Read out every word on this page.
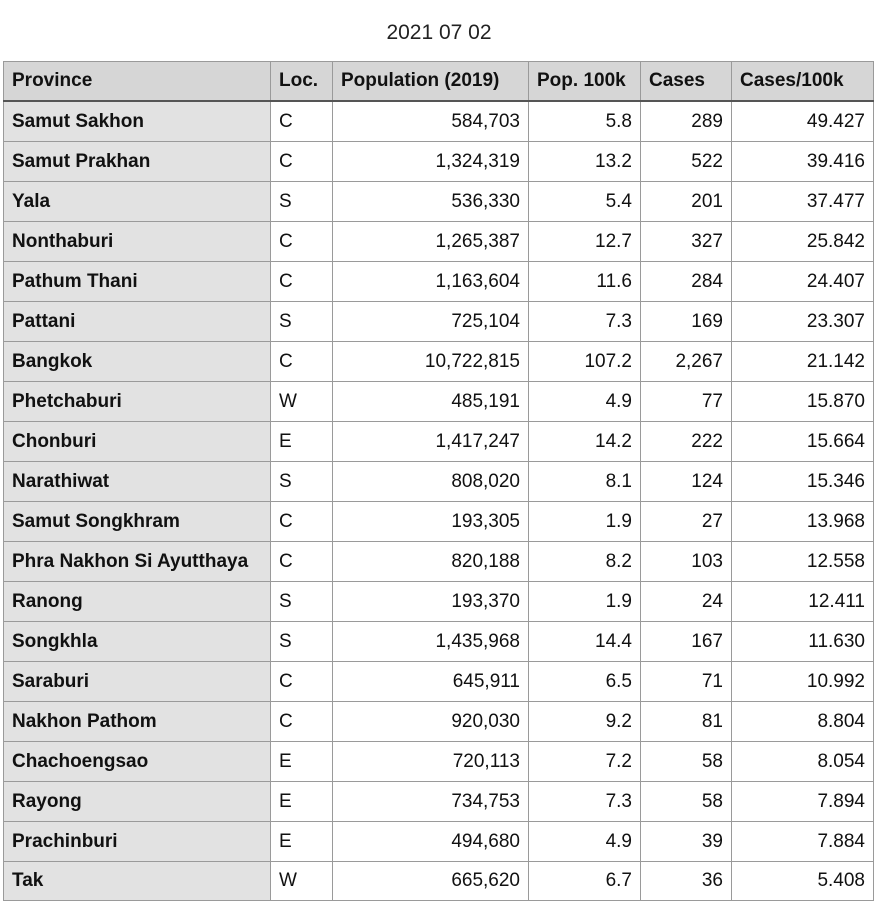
2021 07 02
Province	Loc.	Population (2019)	Pop. 100k	Cases	Cases/100k
Samut Sakhon	C	584,703	5.8	289	49.427
Samut Prakhan	C	1,324,319	13.2	522	39.416
Yala	S	536,330	5.4	201	37.477
Nonthaburi	C	1,265,387	12.7	327	25.842
Pathum Thani	C	1,163,604	11.6	284	24.407
Pattani	S	725,104	7.3	169	23.307
Bangkok	C	10,722,815	107.2	2,267	21.142
Phetchaburi	W	485,191	4.9	77	15.870
Chonburi	E	1,417,247	14.2	222	15.664
Narathiwat	S	808,020	8.1	124	15.346
Samut Songkhram	C	193,305	1.9	27	13.968
Phra Nakhon Si Ayutthaya	C	820,188	8.2	103	12.558
Ranong	S	193,370	1.9	24	12.411
Songkhla	S	1,435,968	14.4	167	11.630
Saraburi	C	645,911	6.5	71	10.992
Nakhon Pathom	C	920,030	9.2	81	8.804
Chachoengsao	E	720,113	7.2	58	8.054
Rayong	E	734,753	7.3	58	7.894
Prachinburi	E	494,680	4.9	39	7.884
Tak	W	665,620	6.7	36	5.408
